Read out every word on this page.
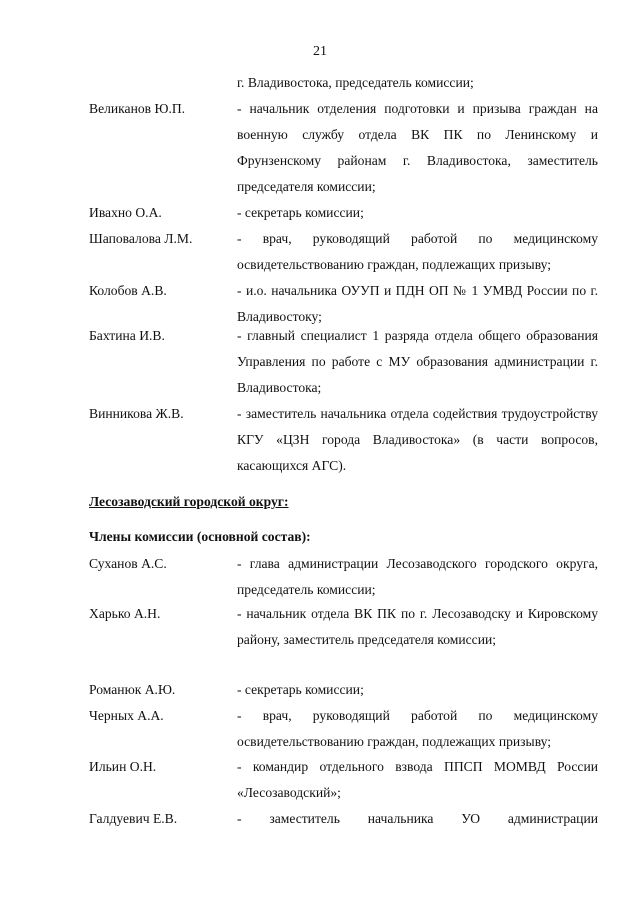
21
г. Владивостока, председатель комиссии;
Великанов Ю.П.	- начальник отделения подготовки и призыва граждан на военную службу отдела ВК ПК по Ленинскому и Фрунзенскому районам г. Владивостока, заместитель председателя комиссии;
Ивахно О.А.	- секретарь комиссии;
Шаповалова Л.М.	- врач, руководящий работой по медицинскому освидетельствованию граждан, подлежащих призыву;
Колобов А.В.	- и.о. начальника ОУУП и ПДН ОП № 1 УМВД России по г. Владивостоку;
Бахтина И.В.	- главный специалист 1 разряда отдела общего образования Управления по работе с МУ образования администрации г. Владивостока;
Винникова Ж.В.	- заместитель начальника отдела содействия трудоустройству КГУ «ЦЗН города Владивостока» (в части вопросов, касающихся АГС).
Лесозаводский городской округ:
Члены комиссии (основной состав):
Суханов А.С.	- глава администрации Лесозаводского городского округа, председатель комиссии;
Харько А.Н.	- начальник отдела ВК ПК по г. Лесозаводску и Кировскому району, заместитель председателя комиссии;
Романюк А.Ю.	- секретарь комиссии;
Черных А.А.	- врач, руководящий работой по медицинскому освидетельствованию граждан, подлежащих призыву;
Ильин О.Н.	- командир отдельного взвода ППСП МОМВД России «Лесозаводский»;
Галдуевич Е.В.	- заместитель начальника УО администрации
